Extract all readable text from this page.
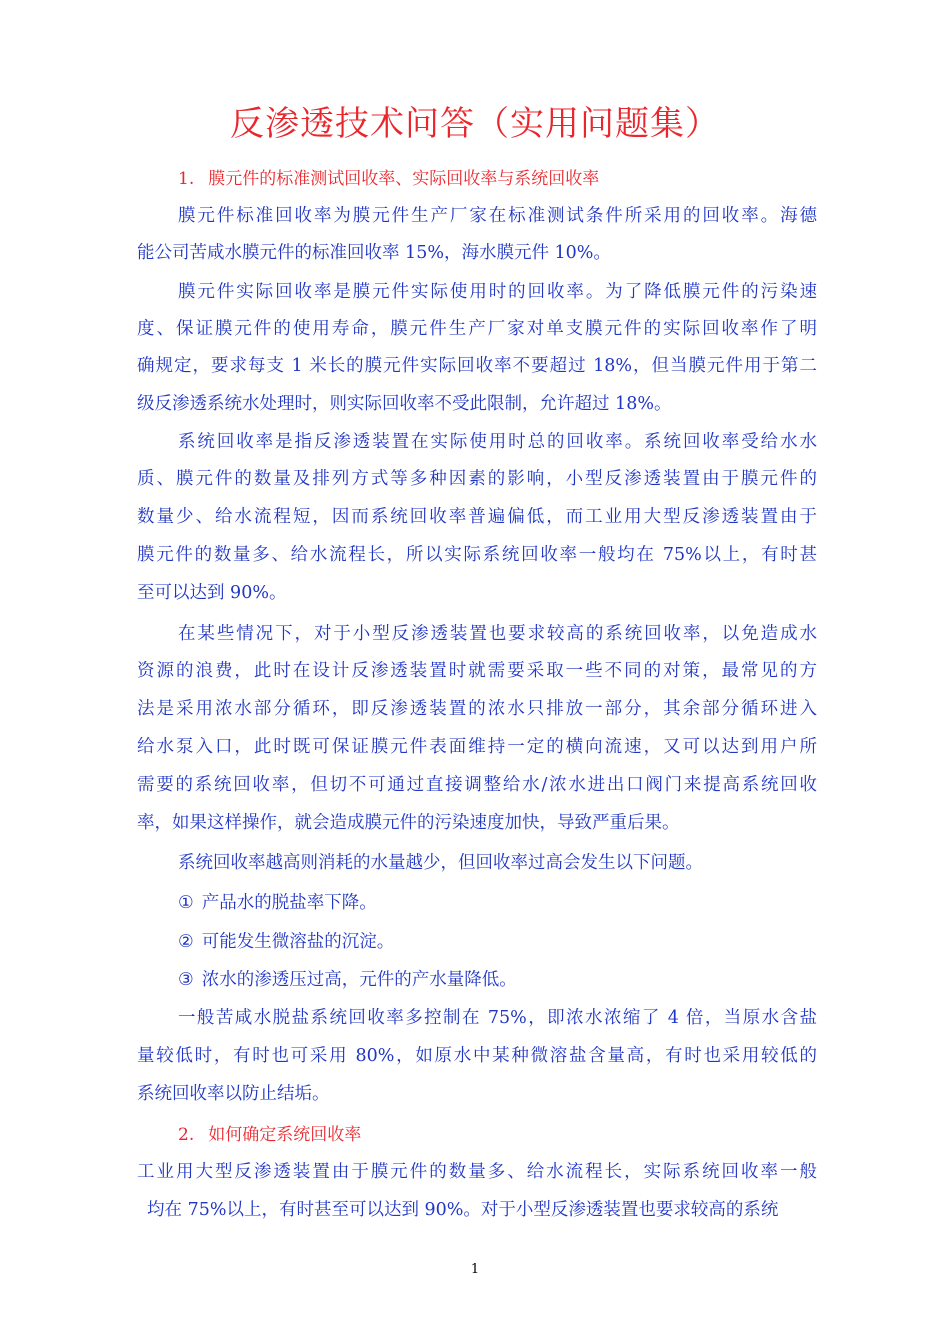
反渗透技术问答（实用问题集）
1. 膜元件的标准测试回收率、实际回收率与系统回收率
膜元件标准回收率为膜元件生产厂家在标准测试条件所采用的回收率。海德
能公司苦咸水膜元件的标准回收率 15%，海水膜元件 10%。
膜元件实际回收率是膜元件实际使用时的回收率。为了降低膜元件的污染速
度、保证膜元件的使用寿命，膜元件生产厂家对单支膜元件的实际回收率作了明
确规定，要求每支 1 米长的膜元件实际回收率不要超过 18%，但当膜元件用于第二
级反渗透系统水处理时，则实际回收率不受此限制，允许超过 18%。
系统回收率是指反渗透装置在实际使用时总的回收率。系统回收率受给水水
质、膜元件的数量及排列方式等多种因素的影响，小型反渗透装置由于膜元件的
数量少、给水流程短，因而系统回收率普遍偏低，而工业用大型反渗透装置由于
膜元件的数量多、给水流程长，所以实际系统回收率一般均在 75%以上，有时甚
至可以达到 90%。
在某些情况下，对于小型反渗透装置也要求较高的系统回收率，以免造成水
资源的浪费，此时在设计反渗透装置时就需要采取一些不同的对策，最常见的方
法是采用浓水部分循环，即反渗透装置的浓水只排放一部分，其余部分循环进入
给水泵入口，此时既可保证膜元件表面维持一定的横向流速，又可以达到用户所
需要的系统回收率，但切不可通过直接调整给水/浓水进出口阀门来提高系统回收
率，如果这样操作，就会造成膜元件的污染速度加快，导致严重后果。
系统回收率越高则消耗的水量越少，但回收率过高会发生以下问题。
① 产品水的脱盐率下降。
② 可能发生微溶盐的沉淀。
③ 浓水的渗透压过高，元件的产水量降低。
一般苦咸水脱盐系统回收率多控制在 75%，即浓水浓缩了 4 倍，当原水含盐
量较低时，有时也可采用 80%，如原水中某种微溶盐含量高，有时也采用较低的
系统回收率以防止结垢。
2. 如何确定系统回收率
工业用大型反渗透装置由于膜元件的数量多、给水流程长，实际系统回收率一般
均在 75%以上，有时甚至可以达到 90%。对于小型反渗透装置也要求较高的系统
1
